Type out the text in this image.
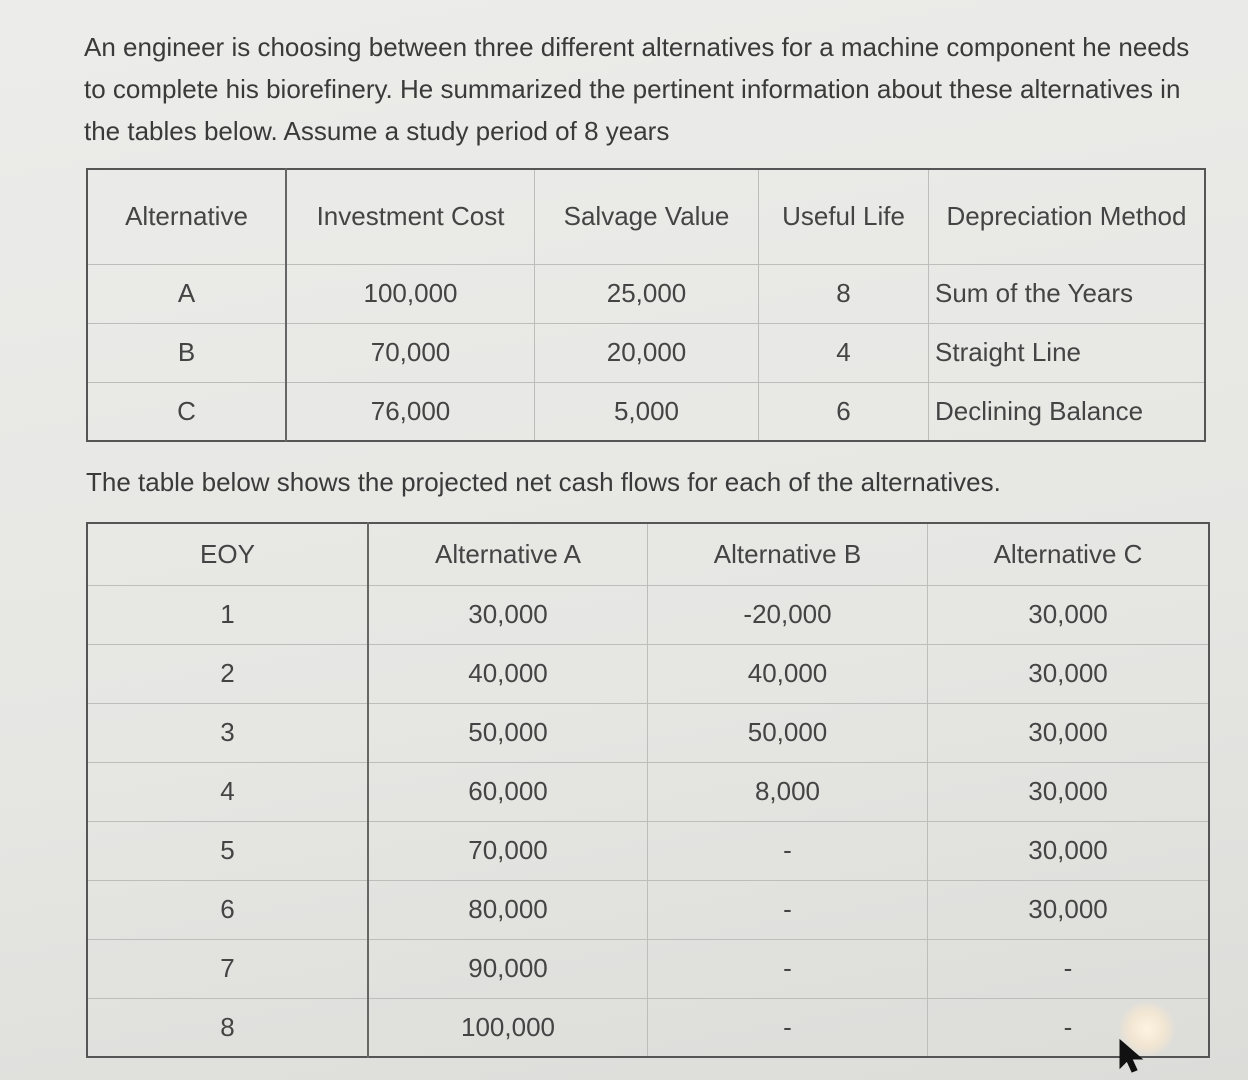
An engineer is choosing between three different alternatives for a machine component he needs to complete his biorefinery. He summarized the pertinent information about these alternatives in the tables below. Assume a study period of 8 years
Alternative	Investment Cost	Salvage Value	Useful Life	Depreciation Method
A	100,000	25,000	8	Sum of the Years
B	70,000	20,000	4	Straight Line
C	76,000	5,000	6	Declining Balance
The table below shows the projected net cash flows for each of the alternatives.
EOY	Alternative A	Alternative B	Alternative C
1	30,000	-20,000	30,000
2	40,000	40,000	30,000
3	50,000	50,000	30,000
4	60,000	8,000	30,000
5	70,000	-	30,000
6	80,000	-	30,000
7	90,000	-	-
8	100,000	-	-
